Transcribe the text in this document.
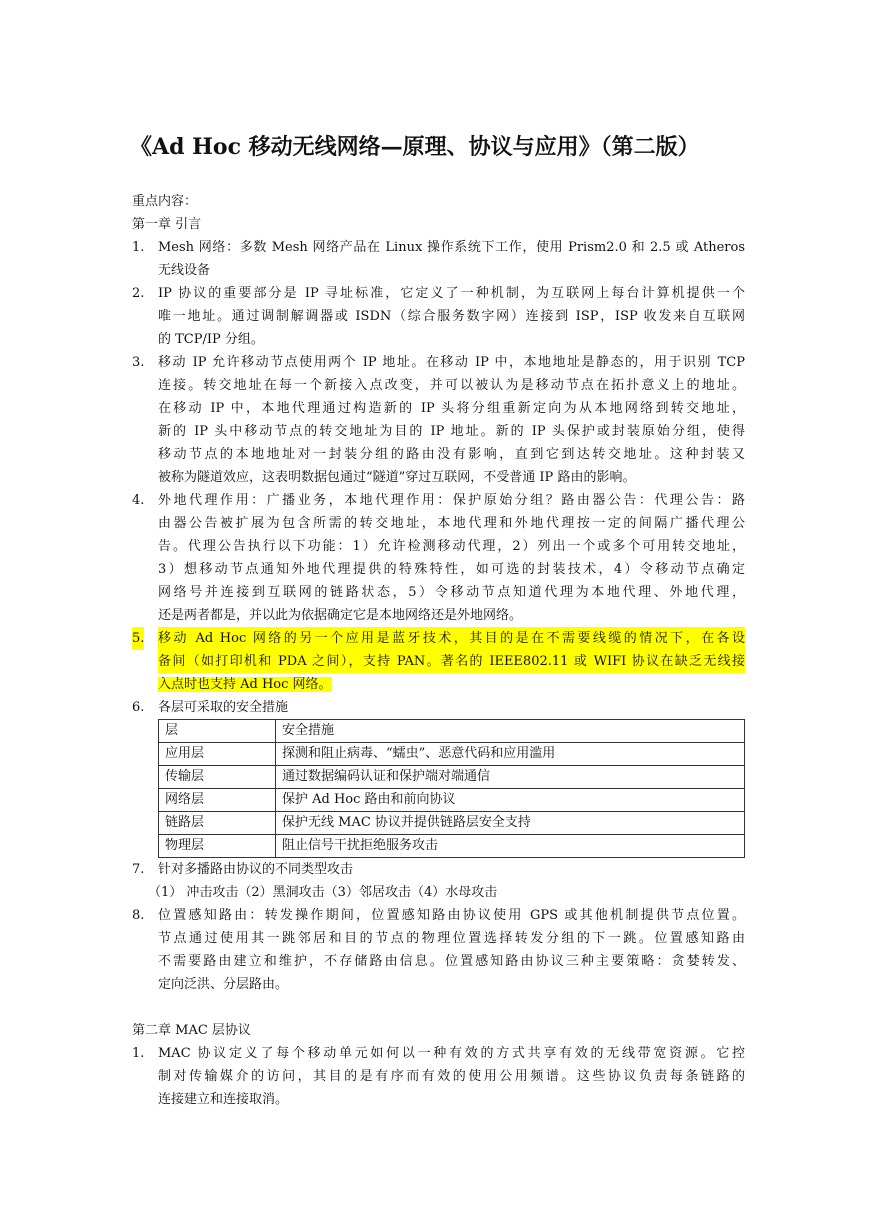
《Ad Hoc 移动无线网络—原理、协议与应用》（第二版）
重点内容：
第一章 引言
1. Mesh 网络：多数 Mesh 网络产品在 Linux 操作系统下工作，使用 Prism2.0 和 2.5 或 Atheros
无线设备
2. IP 协议的重要部分是 IP 寻址标准，它定义了一种机制，为互联网上每台计算机提供一个
唯一地址。通过调制解调器或 ISDN（综合服务数字网）连接到 ISP，ISP 收发来自互联网
的 TCP/IP 分组。
3. 移动 IP 允许移动节点使用两个 IP 地址。在移动 IP 中，本地地址是静态的，用于识别 TCP
连接。转交地址在每一个新接入点改变，并可以被认为是移动节点在拓扑意义上的地址。
在移动 IP 中，本地代理通过构造新的 IP 头将分组重新定向为从本地网络到转交地址，
新的 IP 头中移动节点的转交地址为目的 IP 地址。新的 IP 头保护或封装原始分组，使得
移动节点的本地地址对一封装分组的路由没有影响，直到它到达转交地址。这种封装又
被称为隧道效应，这表明数据包通过“隧道”穿过互联网，不受普通 IP 路由的影响。
4. 外地代理作用：广播业务，本地代理作用：保护原始分组？路由器公告：代理公告：路
由器公告被扩展为包含所需的转交地址，本地代理和外地代理按一定的间隔广播代理公
告。代理公告执行以下功能：1）允许检测移动代理，2）列出一个或多个可用转交地址，
3）想移动节点通知外地代理提供的特殊特性，如可选的封装技术，4）令移动节点确定
网络号并连接到互联网的链路状态，5）令移动节点知道代理为本地代理、外地代理，
还是两者都是，并以此为依据确定它是本地网络还是外地网络。
5. 移动 Ad Hoc 网络的另一个应用是蓝牙技术，其目的是在不需要线缆的情况下，在各设
备间（如打印机和 PDA 之间），支持 PAN。著名的 IEEE802.11 或 WIFI 协议在缺乏无线接
入点时也支持 Ad Hoc 网络。
6. 各层可采取的安全措施
层	安全措施
应用层	探测和阻止病毒、“蠕虫”、恶意代码和应用滥用
传输层	通过数据编码认证和保护端对端通信
网络层	保护 Ad Hoc 路由和前向协议
链路层	保护无线 MAC 协议并提供链路层安全支持
物理层	阻止信号干扰拒绝服务攻击
7. 针对多播路由协议的不同类型攻击
（1） 冲击攻击（2）黑洞攻击（3）邻居攻击（4）水母攻击
8. 位置感知路由：转发操作期间，位置感知路由协议使用 GPS 或其他机制提供节点位置。
节点通过使用其一跳邻居和目的节点的物理位置选择转发分组的下一跳。位置感知路由
不需要路由建立和维护，不存储路由信息。位置感知路由协议三种主要策略：贪婪转发、
定向泛洪、分层路由。
第二章 MAC 层协议
1. MAC 协议定义了每个移动单元如何以一种有效的方式共享有效的无线带宽资源。它控
制对传输媒介的访问，其目的是有序而有效的使用公用频谱。这些协议负责每条链路的
连接建立和连接取消。
